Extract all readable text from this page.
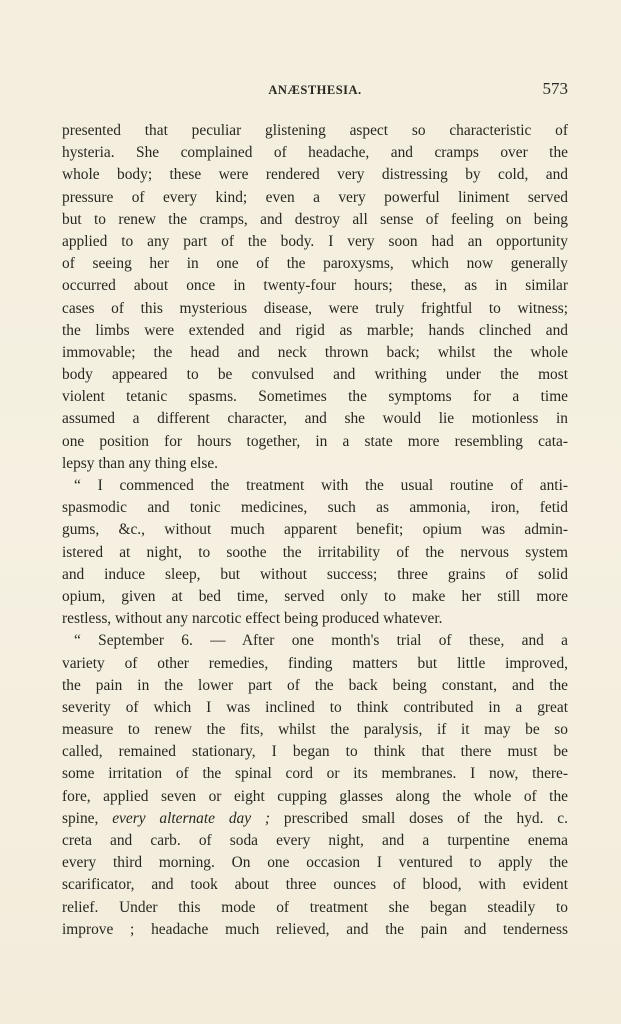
ANÆSTHESIA.	573
presented that peculiar glistening aspect so characteristic of
hysteria. She complained of headache, and cramps over the
whole body; these were rendered very distressing by cold, and
pressure of every kind; even a very powerful liniment served
but to renew the cramps, and destroy all sense of feeling on being
applied to any part of the body. I very soon had an opportunity
of seeing her in one of the paroxysms, which now generally
occurred about once in twenty-four hours; these, as in similar
cases of this mysterious disease, were truly frightful to witness;
the limbs were extended and rigid as marble; hands clinched and
immovable; the head and neck thrown back; whilst the whole
body appeared to be convulsed and writhing under the most
violent tetanic spasms. Sometimes the symptoms for a time
assumed a different character, and she would lie motionless in
one position for hours together, in a state more resembling cata-
lepsy than any thing else.
“ I commenced the treatment with the usual routine of anti-
spasmodic and tonic medicines, such as ammonia, iron, fetid
gums, &c., without much apparent benefit; opium was admin-
istered at night, to soothe the irritability of the nervous system
and induce sleep, but without success; three grains of solid
opium, given at bed time, served only to make her still more
restless, without any narcotic effect being produced whatever.
“ September 6. — After one month's trial of these, and a
variety of other remedies, finding matters but little improved,
the pain in the lower part of the back being constant, and the
severity of which I was inclined to think contributed in a great
measure to renew the fits, whilst the paralysis, if it may be so
called, remained stationary, I began to think that there must be
some irritation of the spinal cord or its membranes. I now, there-
fore, applied seven or eight cupping glasses along the whole of the
spine, every alternate day ; prescribed small doses of the hyd. c.
creta and carb. of soda every night, and a turpentine enema
every third morning. On one occasion I ventured to apply the
scarificator, and took about three ounces of blood, with evident
relief. Under this mode of treatment she began steadily to
improve ; headache much relieved, and the pain and tenderness
